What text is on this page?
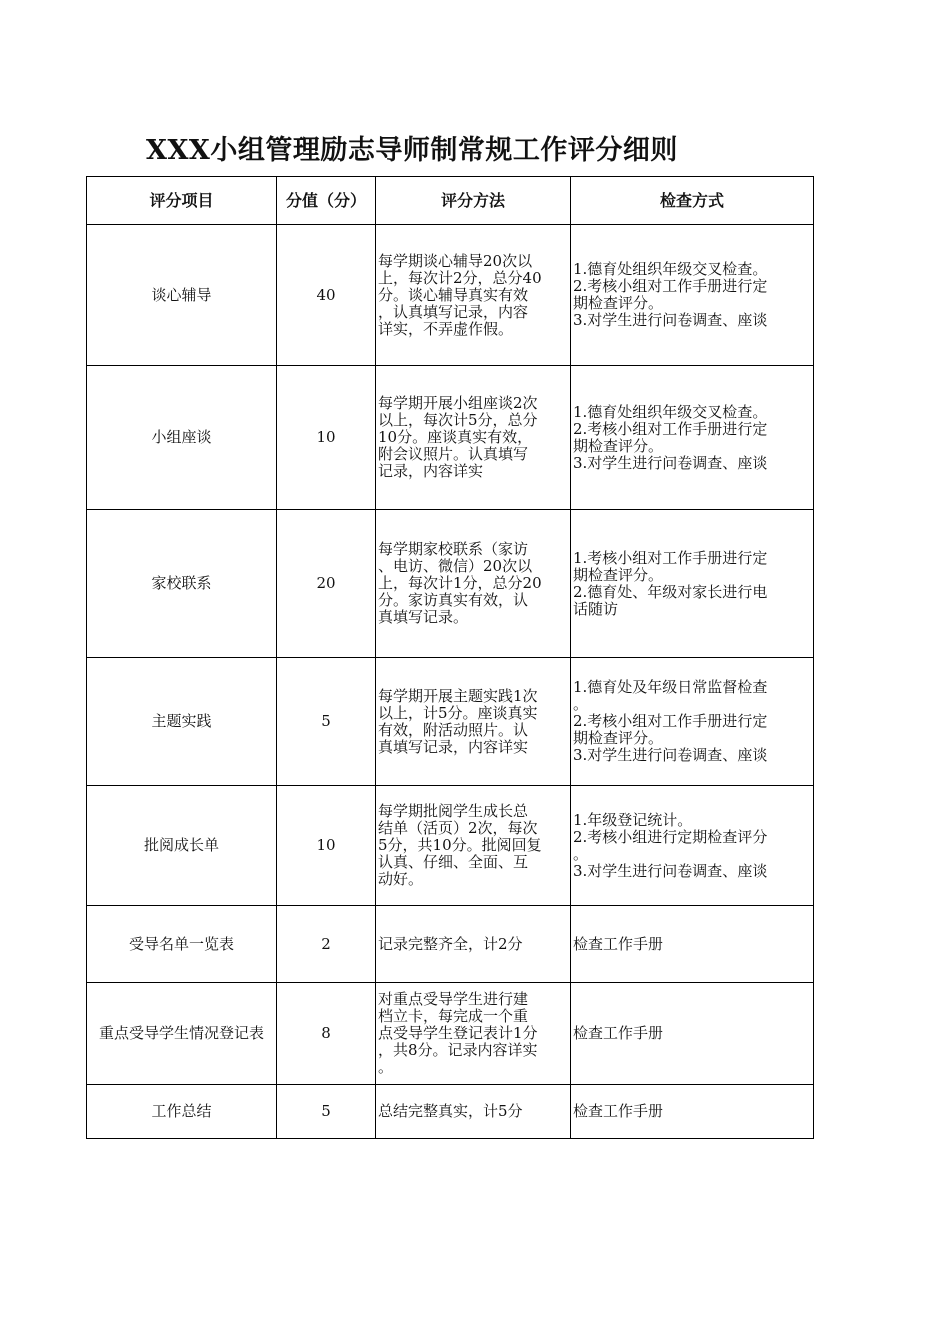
XXX小组管理励志导师制常规工作评分细则
评分项目	分值（分）	评分方法	检查方式
谈心辅导	40	每学期谈心辅导20次以
上，每次计2分，总分40
分。谈心辅导真实有效
，认真填写记录，内容
详实，不弄虚作假。	1.德育处组织年级交叉检查。
2.考核小组对工作手册进行定
期检查评分。
3.对学生进行问卷调查、座谈

小组座谈	10	每学期开展小组座谈2次
以上，每次计5分，总分
10分。座谈真实有效，
附会议照片。认真填写
记录，内容详实	1.德育处组织年级交叉检查。
2.考核小组对工作手册进行定
期检查评分。
3.对学生进行问卷调查、座谈

家校联系	20	每学期家校联系（家访
、电访、微信）20次以
上，每次计1分，总分20
分。家访真实有效，认
真填写记录。	1.考核小组对工作手册进行定
期检查评分。
2.德育处、年级对家长进行电
话随访

主题实践	5	每学期开展主题实践1次
以上，计5分。座谈真实
有效，附活动照片。认
真填写记录，内容详实	1.德育处及年级日常监督检查
。
2.考核小组对工作手册进行定
期检查评分。
3.对学生进行问卷调查、座谈

批阅成长单	10	每学期批阅学生成长总
结单（活页）2次，每次
5分，共10分。批阅回复
认真、仔细、全面、互
动好。	1.年级登记统计。
2.考核小组进行定期检查评分
。
3.对学生进行问卷调查、座谈

受导名单一览表	2	记录完整齐全，计2分	检查工作手册

重点受导学生情况登记表	8	对重点受导学生进行建
档立卡，每完成一个重
点受导学生登记表计1分
，共8分。记录内容详实
。	检查工作手册

工作总结	5	总结完整真实，计5分	检查工作手册
